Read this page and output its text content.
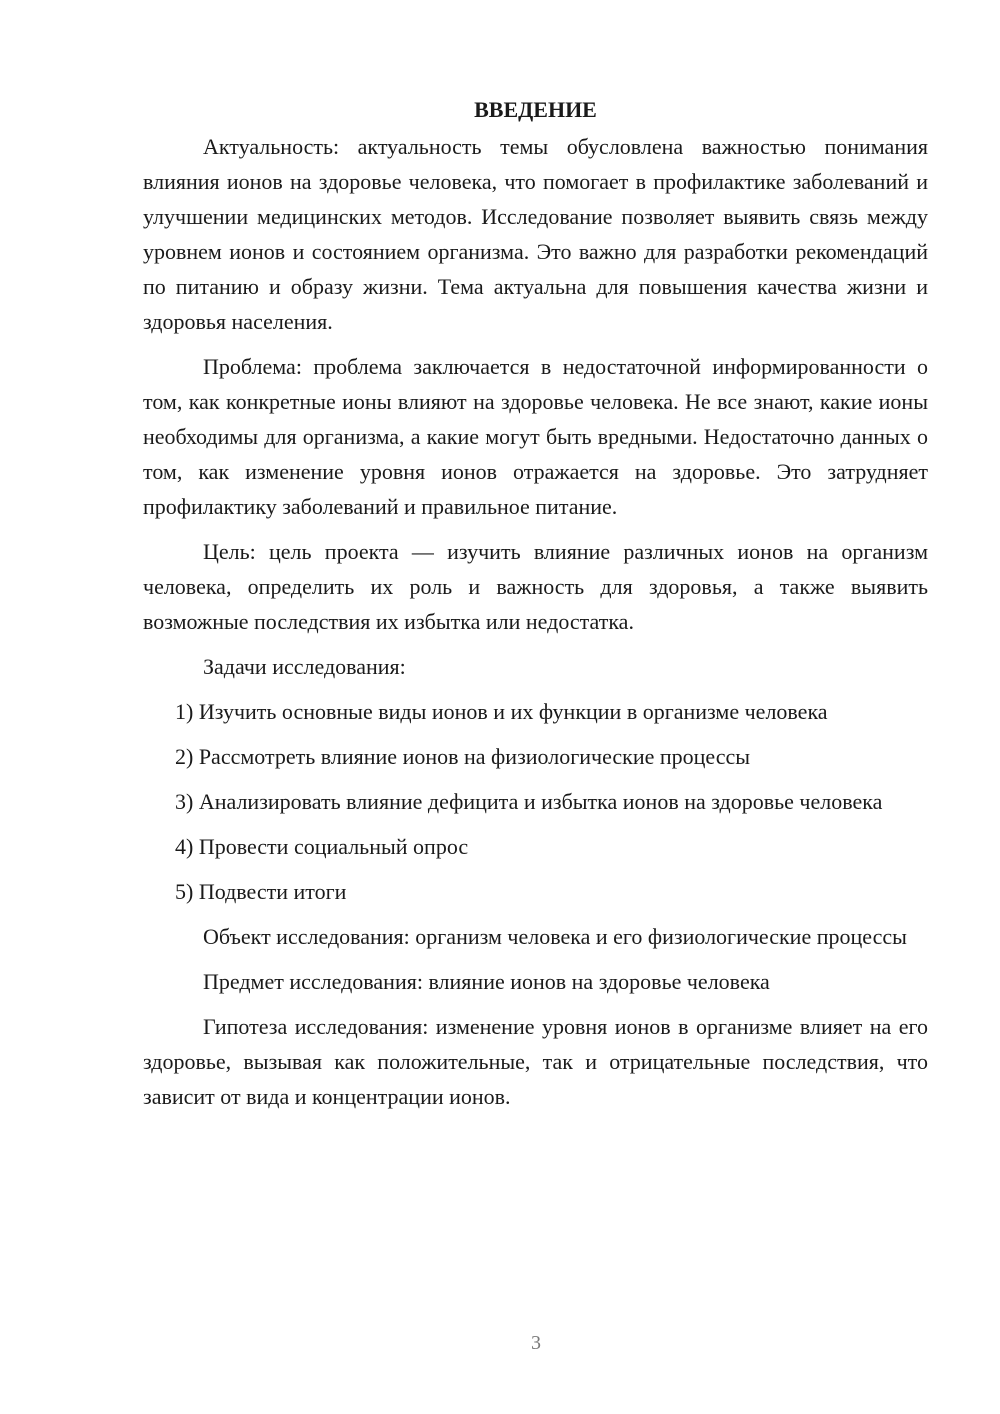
ВВЕДЕНИЕ

Актуальность: актуальность темы обусловлена важностью понимания влияния ионов на здоровье человека, что помогает в профилактике заболеваний и улучшении медицинских методов. Исследование позволяет выявить связь между уровнем ионов и состоянием организма. Это важно для разработки рекомендаций по питанию и образу жизни. Тема актуальна для повышения качества жизни и здоровья населения.

Проблема: проблема заключается в недостаточной информированности о том, как конкретные ионы влияют на здоровье человека. Не все знают, какие ионы необходимы для организма, а какие могут быть вредными. Недостаточно данных о том, как изменение уровня ионов отражается на здоровье. Это затрудняет профилактику заболеваний и правильное питание.

Цель: цель проекта — изучить влияние различных ионов на организм человека, определить их роль и важность для здоровья, а также выявить возможные последствия их избытка или недостатка.

Задачи исследования:

1) Изучить основные виды ионов и их функции в организме человека

2) Рассмотреть влияние ионов на физиологические процессы

3) Анализировать влияние дефицита и избытка ионов на здоровье человека

4) Провести социальный опрос

5) Подвести итоги

Объект исследования: организм человека и его физиологические процессы

Предмет исследования: влияние ионов на здоровье человека

Гипотеза исследования: изменение уровня ионов в организме влияет на его здоровье, вызывая как положительные, так и отрицательные последствия, что зависит от вида и концентрации ионов.

3
